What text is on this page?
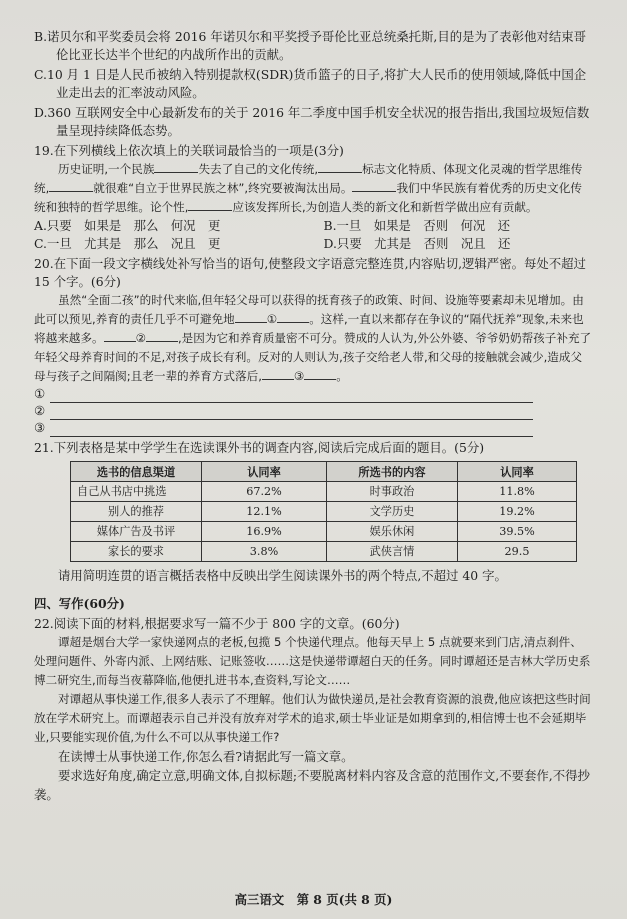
B.诺贝尔和平奖委员会将 2016 年诺贝尔和平奖授予哥伦比亚总统桑托斯,目的是为了表彰他对结束哥伦比亚长达半个世纪的内战所作出的贡献。

C.10 月 1 日是人民币被纳入特别提款权(SDR)货币篮子的日子,将扩大人民币的使用领域,降低中国企业走出去的汇率波动风险。

D.360 互联网安全中心最新发布的关于 2016 年二季度中国手机安全状况的报告指出,我国垃圾短信数量呈现持续降低态势。

19.在下列横线上依次填上的关联词最恰当的一项是(3分)

历史证明,一个民族	失去了自己的文化传统,	标志文化特质、体现文化灵魂的哲学思维传统,	就很难“自立于世界民族之林”,终究要被淘汰出局。	我们中华民族有着优秀的历史文化传统和独特的哲学思维。论个性,	应该发挥所长,为创造人类的新文化和新哲学做出应有贡献。

A.只要　如果是　那么　何况　更	B.一旦　如果是　否则　何况　还
C.一旦　尤其是　那么　况且　更	D.只要　尤其是　否则　况且　还

20.在下面一段文字横线处补写恰当的语句,使整段文字语意完整连贯,内容贴切,逻辑严密。每处不超过 15 个字。(6分)

虽然“全面二孩”的时代来临,但年轻父母可以获得的抚育孩子的政策、时间、设施等要素却未见增加。由此可以预见,养育的责任几乎不可避免地	①	。这样,一直以来都存在争议的“隔代抚养”现象,未来也将越来越多。	②	,是因为它和养育质量密不可分。赞成的人认为,外公外婆、爷爷奶奶帮孩子补充了年轻父母养育时间的不足,对孩子成长有利。反对的人则认为,孩子交给老人带,和父母的接触就会减少,造成父母与孩子之间隔阂;且老一辈的养育方式落后,	③	。

①
②
③

21.下列表格是某中学学生在选读课外书的调查内容,阅读后完成后面的题目。(5分)

选书的信息渠道	认同率	所选书的内容	认同率
自己从书店中挑选	67.2%	时事政治	11.8%
别人的推荐	12.1%	文学历史	19.2%
媒体广告及书评	16.9%	娱乐休闲	39.5%
家长的要求	3.8%	武侠言情	29.5

请用简明连贯的语言概括表格中反映出学生阅读课外书的两个特点,不超过 40 字。

四、写作(60分)

22.阅读下面的材料,根据要求写一篇不少于 800 字的文章。(60分)

谭超是烟台大学一家快递网点的老板,包揽 5 个快递代理点。他每天早上 5 点就要来到门店,清点刹件、处理问题件、外寄内派、上网结账、记账签收……这是快递带谭超白天的任务。同时谭超还是吉林大学历史系博二研究生,而每当夜幕降临,他便扎进书本,查资料,写论文……

对谭超从事快递工作,很多人表示了不理解。他们认为做快递员,是社会教育资源的浪费,他应该把这些时间放在学术研究上。而谭超表示自己并没有放弃对学术的追求,硕士毕业证是如期拿到的,相信博士也不会延期毕业,只要能实现价值,为什么不可以从事快递工作?

在读博士从事快递工作,你怎么看?请据此写一篇文章。

要求选好角度,确定立意,明确文体,自拟标题;不要脱离材料内容及含意的范围作文,不要套作,不得抄袭。

高三语文　第 8 页(共 8 页)
